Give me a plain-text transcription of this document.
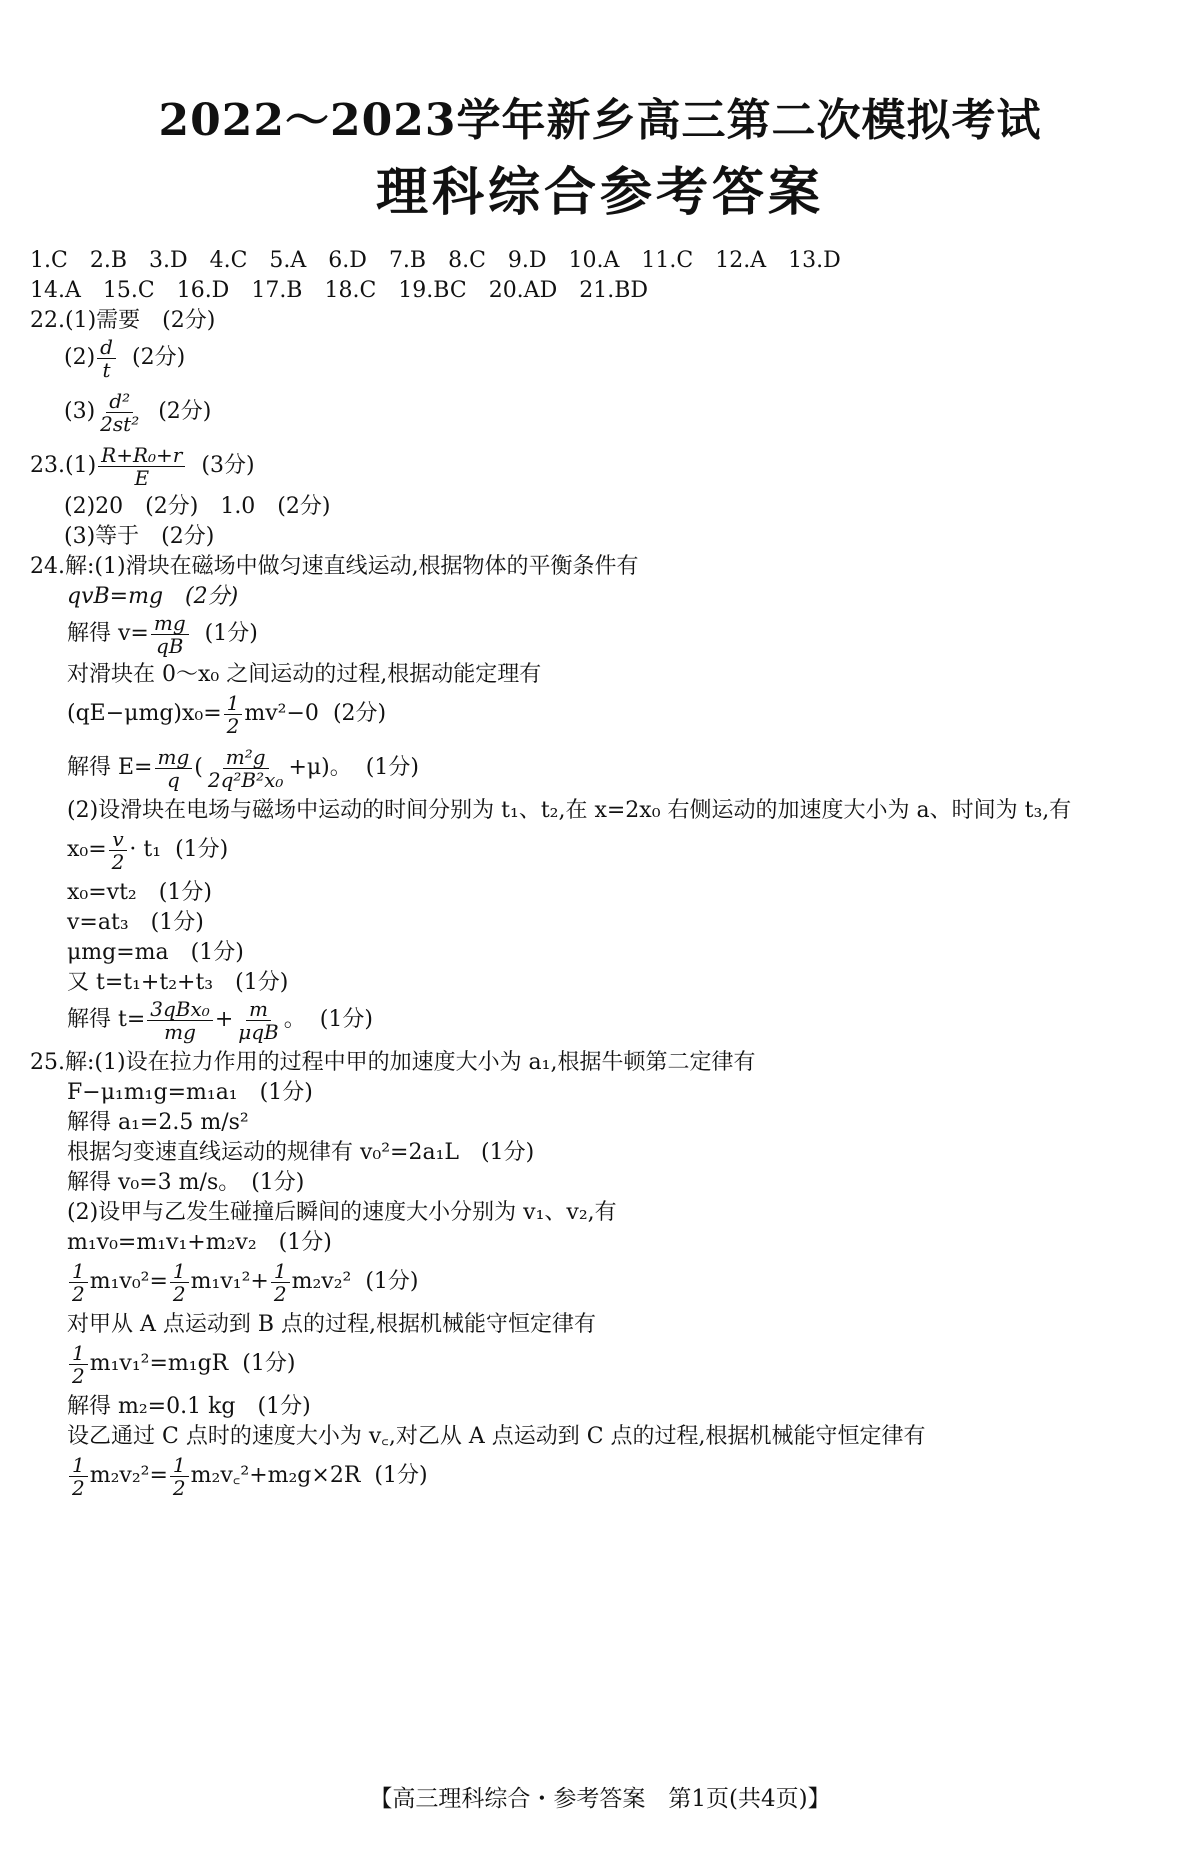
2022～2023学年新乡高三第二次模拟考试
理科综合参考答案
1.C　2.B　3.D　4.C　5.A　6.D　7.B　8.C　9.D　10.A　11.C　12.A　13.D
14.A　15.C　16.D　17.B　18.C　19.BC　20.AD　21.BD
22.(1)需要　(2分)
$(2) \frac{d}{t} (2$分)
$(3) \frac{\text{d²}}{\text{2st²}} (2$分)
$23.(1) \frac{\text{R+R₀+r}}{E} (3$分)
(2)20　(2分)　1.0　(2分)
(3)等于　(2分)
24.解:(1)滑块在磁场中做匀速直线运动,根据物体的平衡条件有
qvB=mg　(2分)
解得 $v= \frac{mg}{qB} (1$分)
对滑块在 0～x₀ 之间运动的过程,根据动能定理有
$(qE-\mu mg)x_0= \frac{1}{2} mv^2-0$ (2分)
解得 $E= \frac{mg}{q}$ ( $\frac{\text{m²g}}{\text{2q²B²x₀}} +\mu$)。 (1分)
(2)设滑块在电场与磁场中运动的时间分别为 t₁、t₂,在 x=2x₀ 右侧运动的加速度大小为 a、时间为 t₃,有
$x_0= \frac{v}{2} \cdot t_1$ (1分)
x₀=vt₂　(1分)
v=at₃　(1分)
μmg=ma　(1分)
又 t=t₁+t₂+t₃　(1分)
解得 $t= \frac{\text{3qBx₀}}{mg} + \frac{m}{\text{μqB}}$ 。 (1分)
25.解:(1)设在拉力作用的过程中甲的加速度大小为 a₁,根据牛顿第二定律有
F−μ₁m₁g=m₁a₁　(1分)
解得 a₁=2.5 m/s²
根据匀变速直线运动的规律有 v₀²=2a₁L　(1分)
解得 v₀=3 m/s。　(1分)
(2)设甲与乙发生碰撞后瞬间的速度大小分别为 v₁、v₂,有
m₁v₀=m₁v₁+m₂v₂　(1分)
$\frac{1}{2} m_1v_0^2= \frac{1}{2} m_1v_1^2+ \frac{1}{2} m_2v_2^2$ (1分)
对甲从 A 点运动到 B 点的过程,根据机械能守恒定律有
$\frac{1}{2} m_1v_1^2=m_1gR$ (1分)
解得 m₂=0.1 kg　(1分)
设乙通过 C 点时的速度大小为 v꜀,对乙从 A 点运动到 C 点的过程,根据机械能守恒定律有
$\frac{1}{2} m_2v_2^2= \frac{1}{2}$ m₂v꜀²+m₂g×2R (1分)
【高三理科综合・参考答案　第1页(共4页)】
